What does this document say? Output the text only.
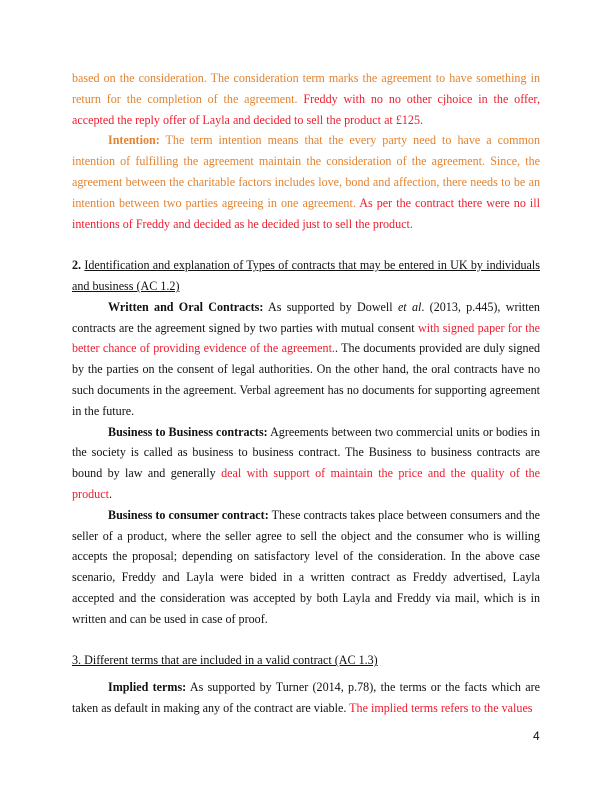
based on the consideration. The consideration term marks the agreement to have something in return for the completion of the agreement. Freddy with no no other cjhoice in the offer, accepted the reply offer of Layla and decided to sell the product at £125.

Intention: The term intention means that the every party need to have a common intention of fulfilling the agreement maintain the consideration of the agreement. Since, the agreement between the charitable factors includes love, bond and affection, there needs to be an intention between two parties agreeing in one agreement. As per the contract there were no ill intentions of Freddy and decided as he decided just to sell the product.

2. Identification and explanation of Types of contracts that may be entered in UK by individuals and business (AC 1.2)

Written and Oral Contracts: As supported by Dowell et al. (2013, p.445), written contracts are the agreement signed by two parties with mutual consent with signed paper for the better chance of providing evidence of the agreement.. The documents provided are duly signed by the parties on the consent of legal authorities. On the other hand, the oral contracts have no such documents in the agreement. Verbal agreement has no documents for supporting agreement in the future.

Business to Business contracts: Agreements between two commercial units or bodies in the society is called as business to business contract. The Business to business contracts are bound by law and generally deal with support of maintain the price and the quality of the product.

Business to consumer contract: These contracts takes place between consumers and the seller of a product, where the seller agree to sell the object and the consumer who is willing accepts the proposal; depending on satisfactory level of the consideration. In the above case scenario, Freddy and Layla were bided in a written contract as Freddy advertised, Layla accepted and the consideration was accepted by both Layla and Freddy via mail, which is in written and can be used in case of proof.

3. Different terms that are included in a valid contract (AC 1.3)

Implied terms: As supported by Turner (2014, p.78), the terms or the facts which are taken as default in making any of the contract are viable. The implied terms refers to the values

4
